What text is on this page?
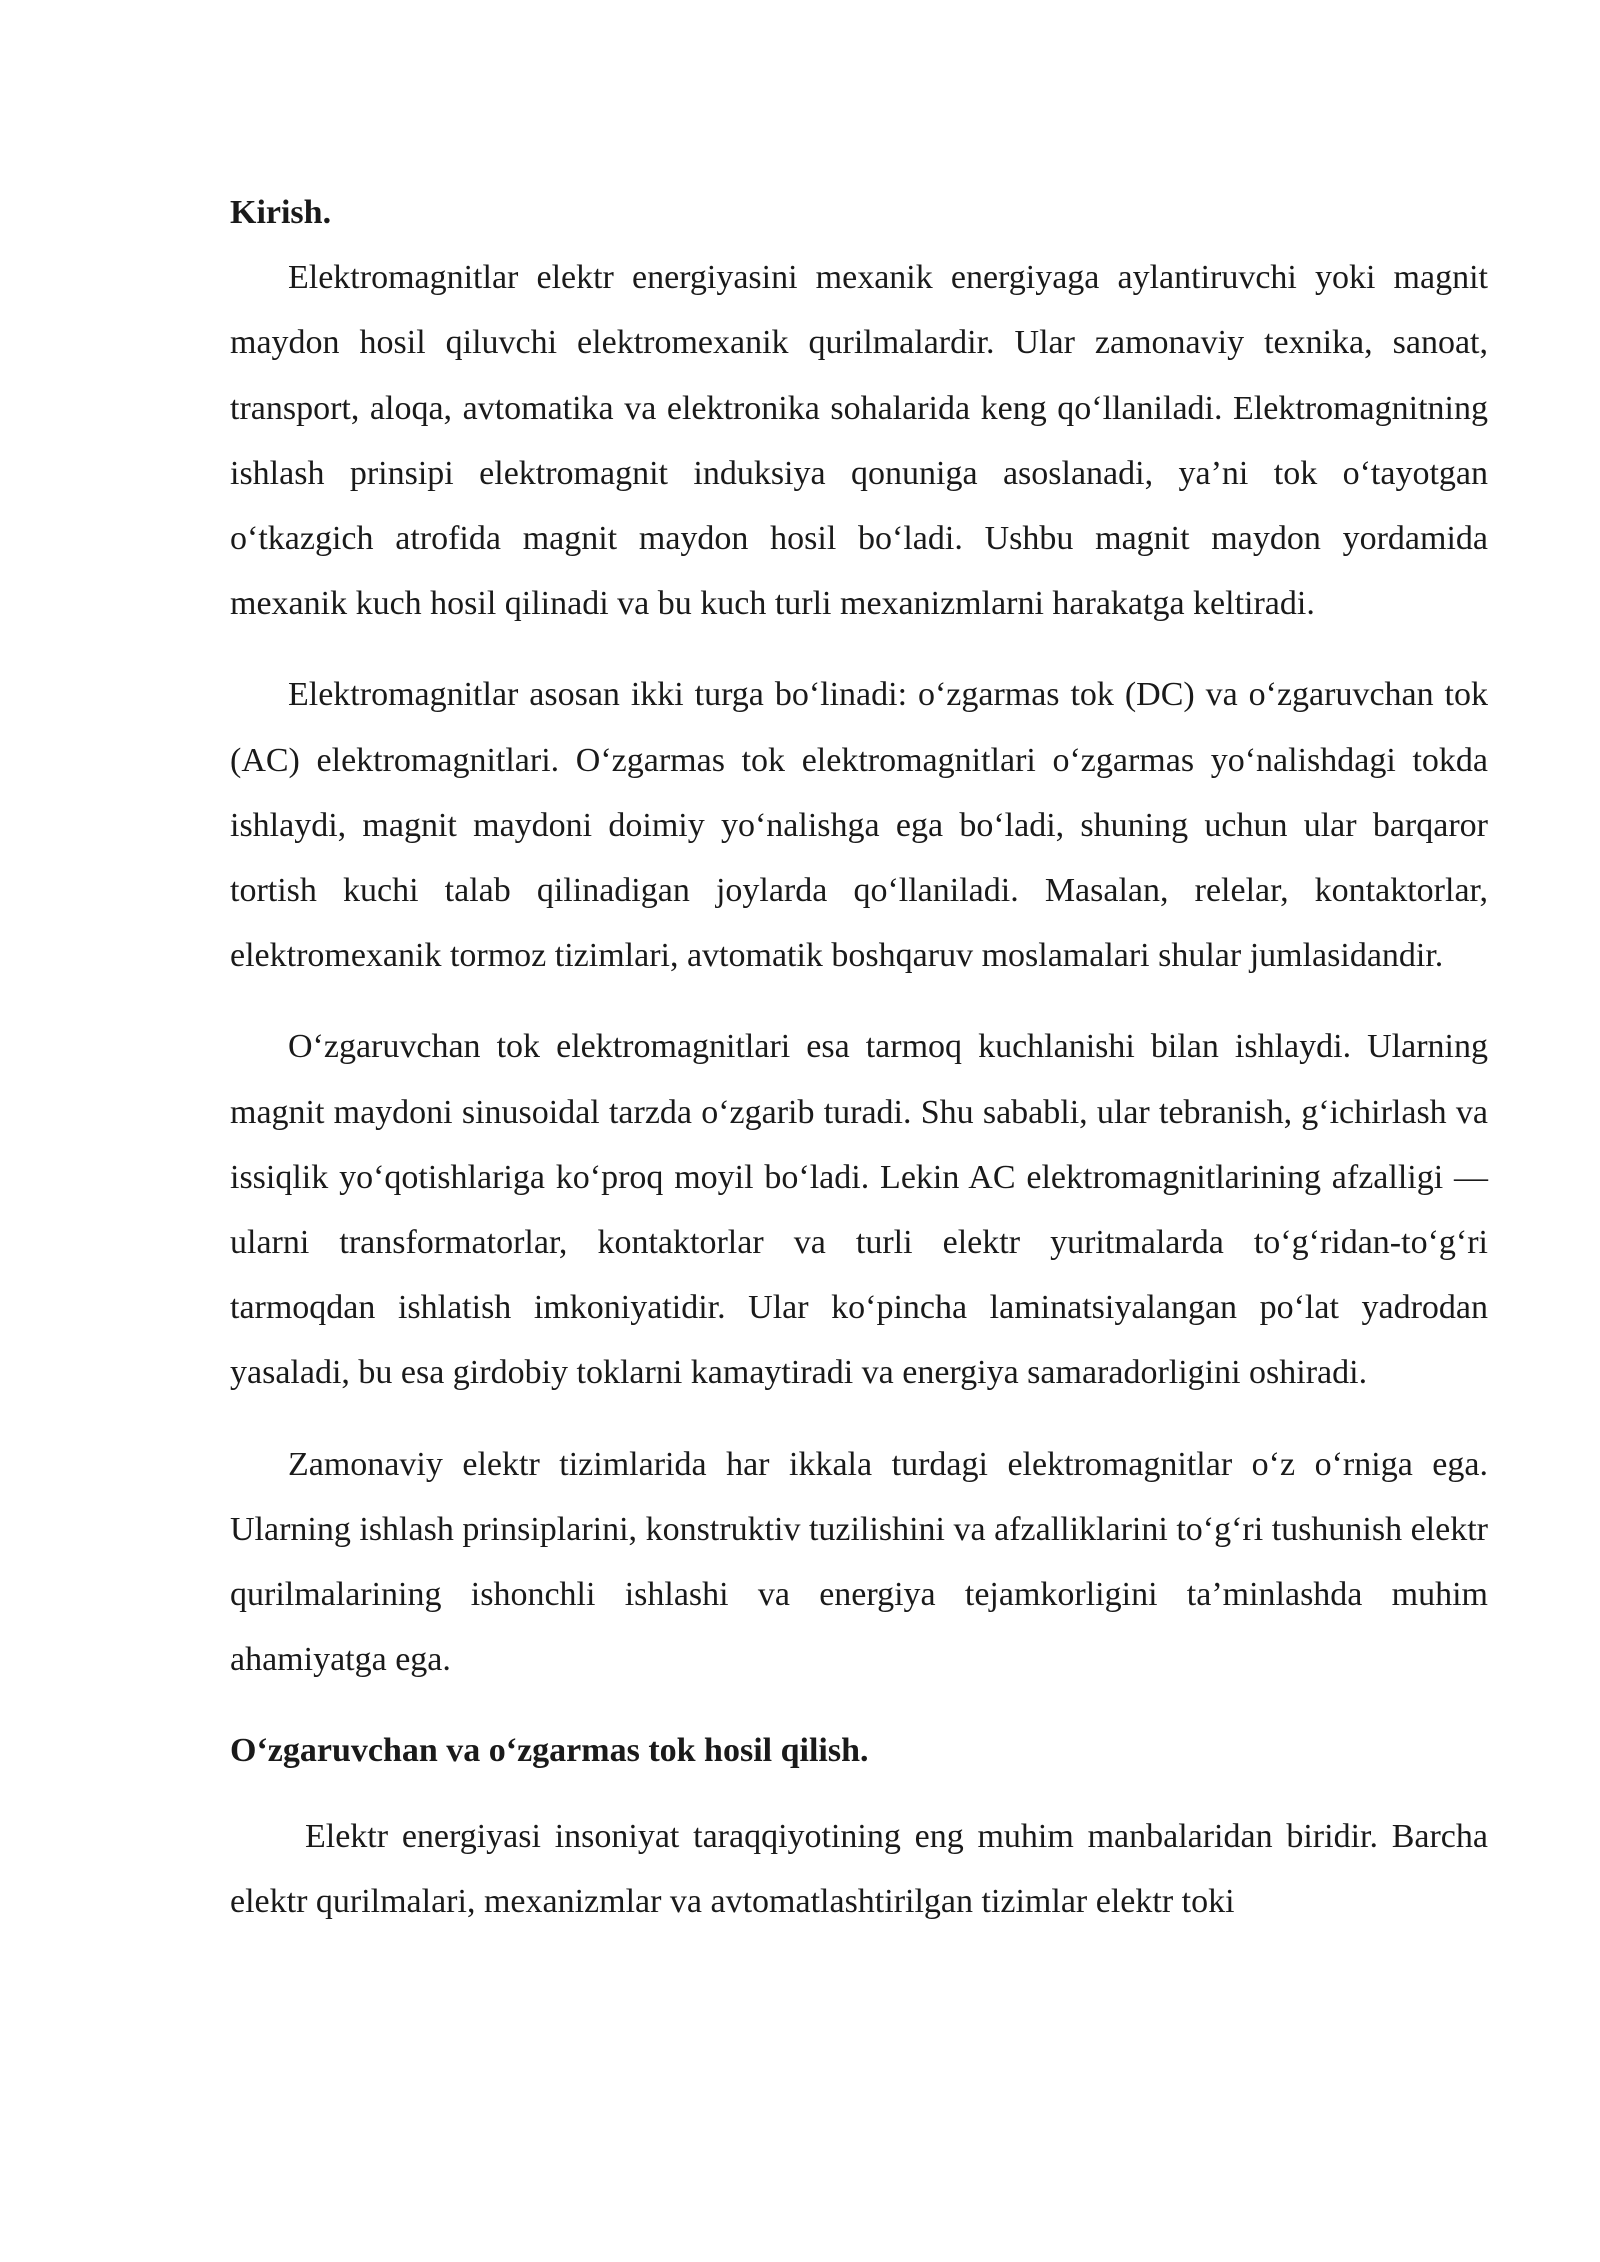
Kirish.

Elektromagnitlar elektr energiyasini mexanik energiyaga aylantiruvchi yoki magnit maydon hosil qiluvchi elektromexanik qurilmalardir. Ular zamonaviy texnika, sanoat, transport, aloqa, avtomatika va elektronika sohalarida keng qo‘llaniladi. Elektromagnitning ishlash prinsipi elektromagnit induksiya qonuniga asoslanadi, ya’ni tok o‘tayotgan o‘tkazgich atrofida magnit maydon hosil bo‘ladi. Ushbu magnit maydon yordamida mexanik kuch hosil qilinadi va bu kuch turli mexanizmlarni harakatga keltiradi.

Elektromagnitlar asosan ikki turga bo‘linadi: o‘zgarmas tok (DC) va o‘zgaruvchan tok (AC) elektromagnitlari. O‘zgarmas tok elektromagnitlari o‘zgarmas yo‘nalishdagi tokda ishlaydi, magnit maydoni doimiy yo‘nalishga ega bo‘ladi, shuning uchun ular barqaror tortish kuchi talab qilinadigan joylarda qo‘llaniladi. Masalan, relelar, kontaktorlar, elektromexanik tormoz tizimlari, avtomatik boshqaruv moslamalari shular jumlasidandir.

O‘zgaruvchan tok elektromagnitlari esa tarmoq kuchlanishi bilan ishlaydi. Ularning magnit maydoni sinusoidal tarzda o‘zgarib turadi. Shu sababli, ular tebranish, g‘ichirlash va issiqlik yo‘qotishlariga ko‘proq moyil bo‘ladi. Lekin AC elektromagnitlarining afzalligi — ularni transformatorlar, kontaktorlar va turli elektr yuritmalarda to‘g‘ridan-to‘g‘ri tarmoqdan ishlatish imkoniyatidir. Ular ko‘pincha laminatsiyalangan po‘lat yadrodan yasaladi, bu esa girdobiy toklarni kamaytiradi va energiya samaradorligini oshiradi.

Zamonaviy elektr tizimlarida har ikkala turdagi elektromagnitlar o‘z o‘rniga ega. Ularning ishlash prinsiplarini, konstruktiv tuzilishini va afzalliklarini to‘g‘ri tushunish elektr qurilmalarining ishonchli ishlashi va energiya tejamkorligini ta’minlashda muhim ahamiyatga ega.

O‘zgaruvchan va o‘zgarmas tok hosil qilish.

Elektr energiyasi insoniyat taraqqiyotining eng muhim manbalaridan biridir. Barcha elektr qurilmalari, mexanizmlar va avtomatlashtirilgan tizimlar elektr toki
